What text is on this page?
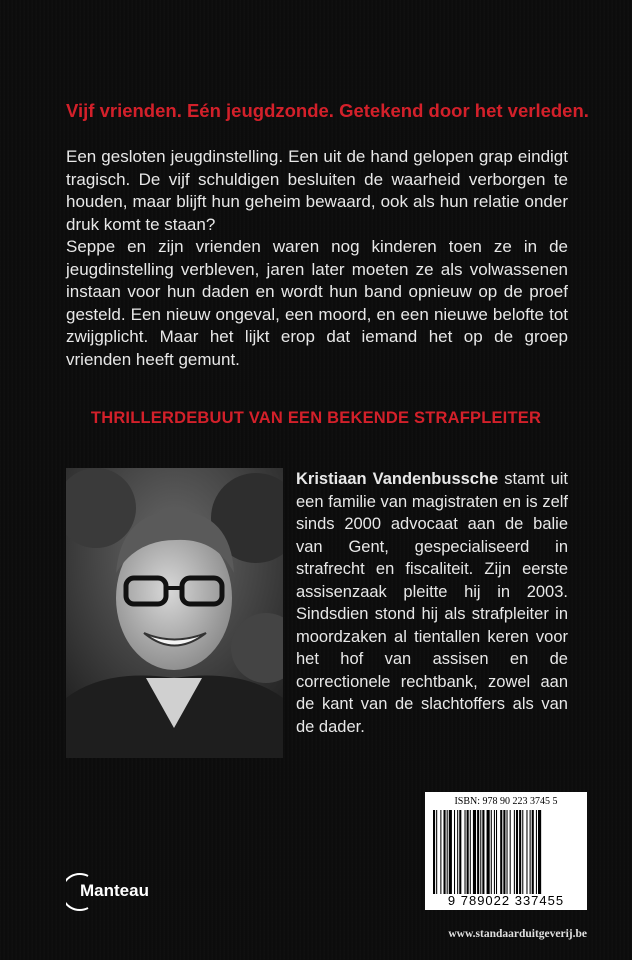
Vijf vrienden. Eén jeugdzonde. Getekend door het verleden.

Een gesloten jeugdinstelling. Een uit de hand gelopen grap eindigt tragisch. De vijf schuldigen besluiten de waarheid verborgen te houden, maar blijft hun geheim bewaard, ook als hun relatie onder druk komt te staan?

Seppe en zijn vrienden waren nog kinderen toen ze in de jeugdinstelling verbleven, jaren later moeten ze als volwassenen instaan voor hun daden en wordt hun band opnieuw op de proef gesteld. Een nieuw ongeval, een moord, en een nieuwe belofte tot zwijgplicht. Maar het lijkt erop dat iemand het op de groep vrienden heeft gemunt.

THRILLERDEBUUT VAN EEN BEKENDE STRAFPLEITER

Kristiaan Vandenbussche stamt uit een familie van magistraten en is zelf sinds 2000 advocaat aan de balie van Gent, gespecialiseerd in strafrecht en fiscaliteit. Zijn eerste assisenzaak pleitte hij in 2003. Sindsdien stond hij als strafpleiter in moordzaken al tientallen keren voor het hof van assisen en de correctionele rechtbank, zowel aan de kant van de slachtoffers als van de dader.

ISBN: 978 90 223 3745 5
9 789022 337455
Manteau
www.standaarduitgeverij.be
